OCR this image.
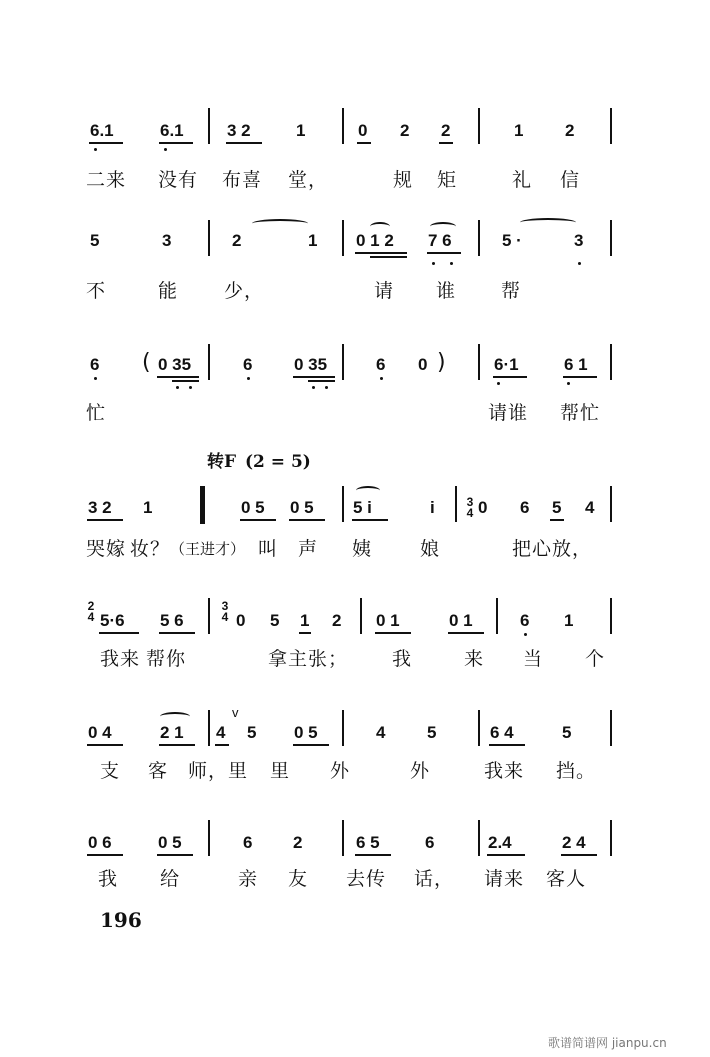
6.1	6.1	3 2	1	0 2 2	1 2
二来 没有 布喜 堂，	规 矩	礼 信
5	3	2	1 0 1 2 7 6	5 ·	3
不	能 少，	请 谁 帮
6 ( 0 35	6 0 35	6 0 )	6·1	6 1
忙	请谁 帮忙
转F (2 = 5)
3 2 1	0 5 0 5 5 i	i	3
4 0 6 5 4
哭嫁 妆？ （王进才） 叫 声 姨	娘	把心放，
2
4 5·6 5 6
3
4 0 5 1 2 0 1	0 1	6 1
我来 帮你	拿主张； 我	来 当 个
0 4	2 1 4
v
5 0 5	4 5	6 4	5
支 客 师，里 里 外	外	我来 挡。
0 6	0 5	6 2	6 5	6	2.4	2 4
我 给	亲 友 去传 话， 请来 客人
196
歌谱简谱网 jianpu.cn
